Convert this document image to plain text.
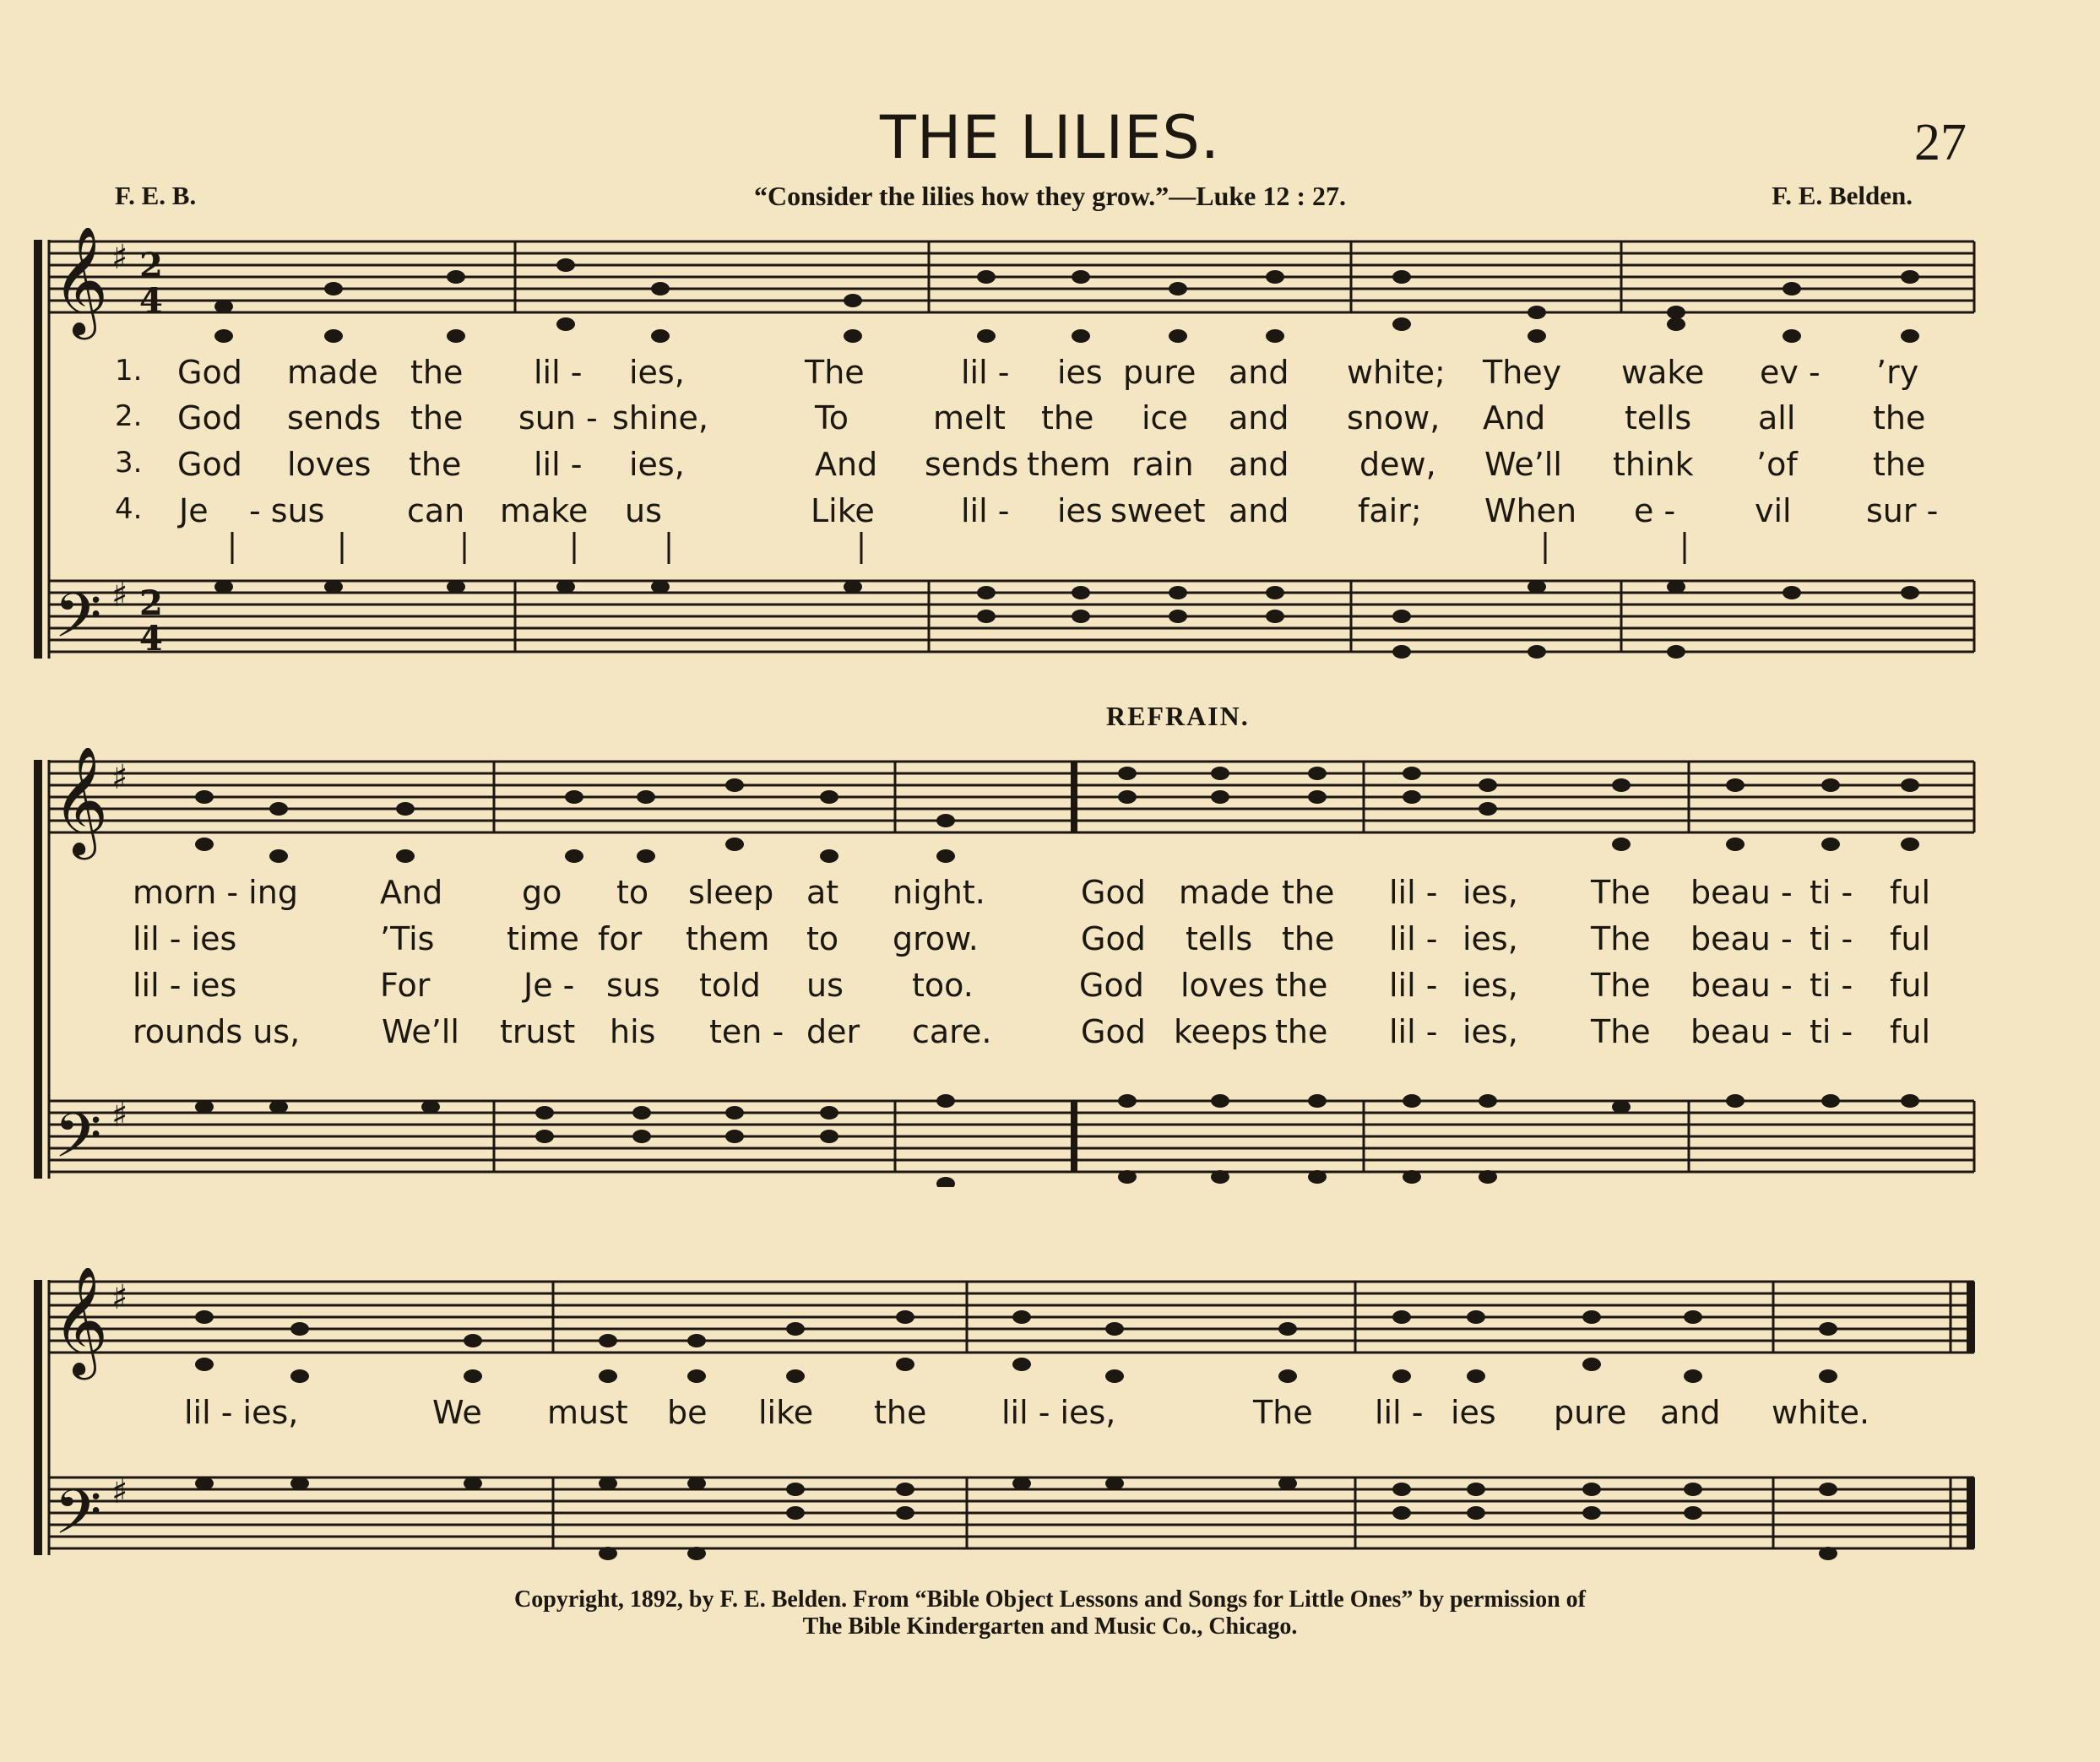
THE LILIES.	27
F. E. B.	“Consider the lilies how they grow.”—Luke 12 : 27.	F. E. Belden.
REFRAIN.
𝄞
𝄢
♯
♯
2
4
2
4
𝄞
𝄢
♯
♯
𝄞
𝄢
♯
♯
1. God made the lil - ies,	The	lil - ies pure and white; They wake ev - ’ry
2. God sends the sun - shine,	To	melt the ice and snow, And tells all the
3. God loves the lil - ies,	And sends them rain and dew, We’ll think ’of the
4. Je - sus	can make us	Like	lil - ies sweet and fair; When e - vil sur -
morn - ing	And go to sleep at night.	God made the lil - ies, The beau - ti - ful
lil - ies	’Tis time for them to grow.	God tells the lil - ies, The beau - ti - ful
lil - ies	For	Je - sus told us too.	God loves the lil - ies, The beau - ti - ful
rounds us,	We’ll trust his ten - der care.	God keeps the lil - ies, The beau - ti - ful
lil - ies,	We must be like the lil - ies,	The lil - ies pure and white.
Copyright, 1892, by F. E. Belden. From “Bible Object Lessons and Songs for Little Ones” by permission of
The Bible Kindergarten and Music Co., Chicago.
